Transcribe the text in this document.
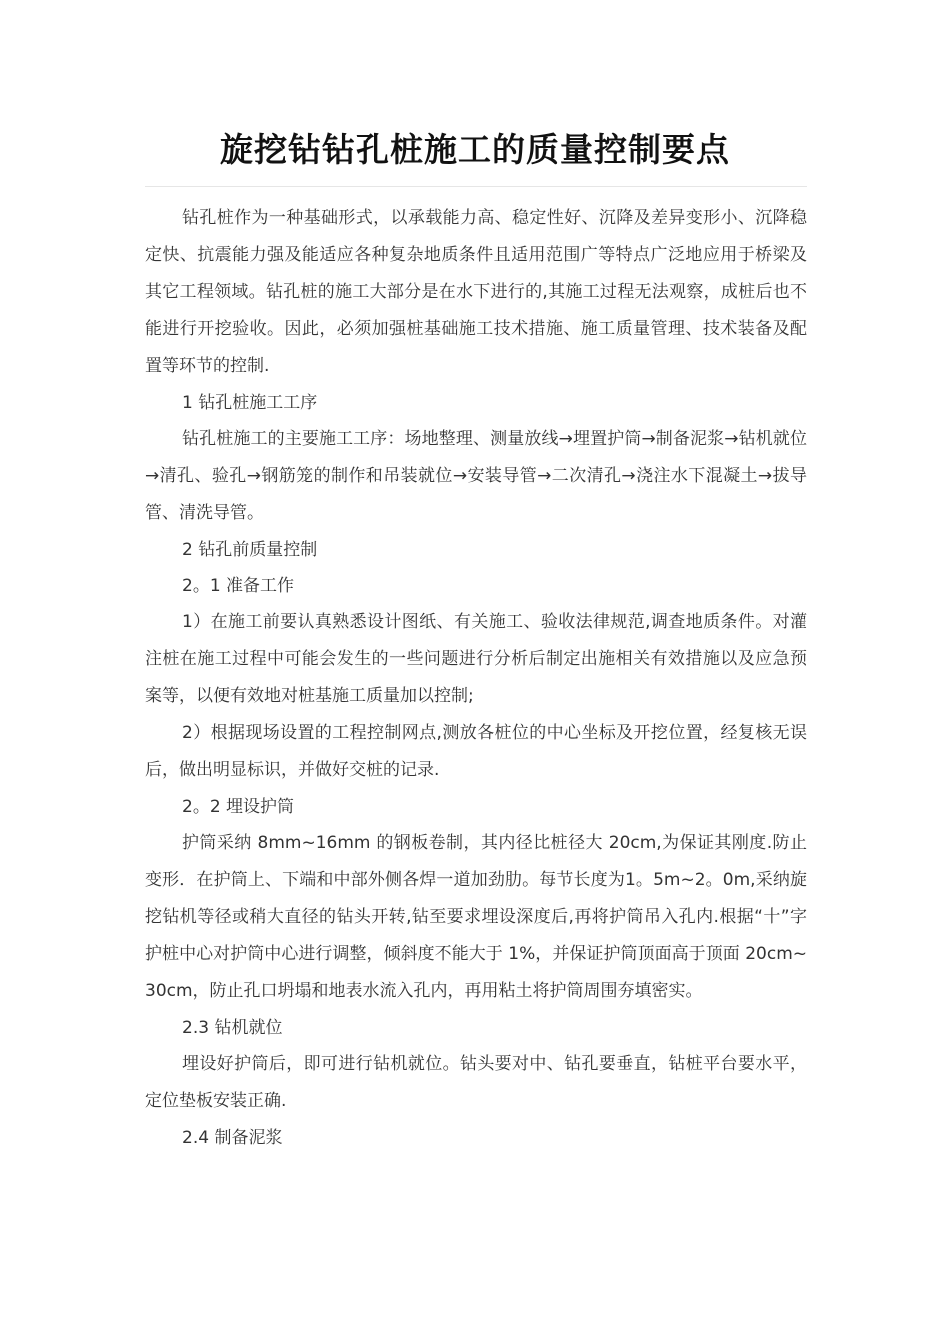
旋挖钻钻孔桩施工的质量控制要点

钻孔桩作为一种基础形式，以承载能力高、稳定性好、沉降及差异变形小、沉降稳定快、抗震能力强及能适应各种复杂地质条件且适用范围广等特点广泛地应用于桥梁及其它工程领域。钻孔桩的施工大部分是在水下进行的,其施工过程无法观察，成桩后也不能进行开挖验收。因此，必须加强桩基础施工技术措施、施工质量管理、技术装备及配置等环节的控制.

1 钻孔桩施工工序

钻孔桩施工的主要施工工序：场地整理、测量放线→埋置护筒→制备泥浆→钻机就位→清孔、验孔→钢筋笼的制作和吊装就位→安装导管→二次清孔→浇注水下混凝土→拔导管、清洗导管。

2 钻孔前质量控制

2。1 准备工作

1）在施工前要认真熟悉设计图纸、有关施工、验收法律规范,调查地质条件。对灌注桩在施工过程中可能会发生的一些问题进行分析后制定出施相关有效措施以及应急预案等，以便有效地对桩基施工质量加以控制;

2）根据现场设置的工程控制网点,测放各桩位的中心坐标及开挖位置，经复核无误后，做出明显标识，并做好交桩的记录.

2。2 埋设护筒

护筒采纳 8mm~16mm 的钢板卷制，其内径比桩径大 20cm,为保证其刚度.防止变形．在护筒上、下端和中部外侧各焊一道加劲肋。每节长度为1。5m~2。0m,采纳旋挖钻机等径或稍大直径的钻头开转,钻至要求埋设深度后,再将护筒吊入孔内.根据“十”字护桩中心对护筒中心进行调整，倾斜度不能大于 1%，并保证护筒顶面高于顶面 20cm~30cm，防止孔口坍塌和地表水流入孔内，再用粘土将护筒周围夯填密实。

2.3 钻机就位

埋设好护筒后，即可进行钻机就位。钻头要对中、钻孔要垂直，钻桩平台要水平，定位垫板安装正确.

2.4 制备泥浆
